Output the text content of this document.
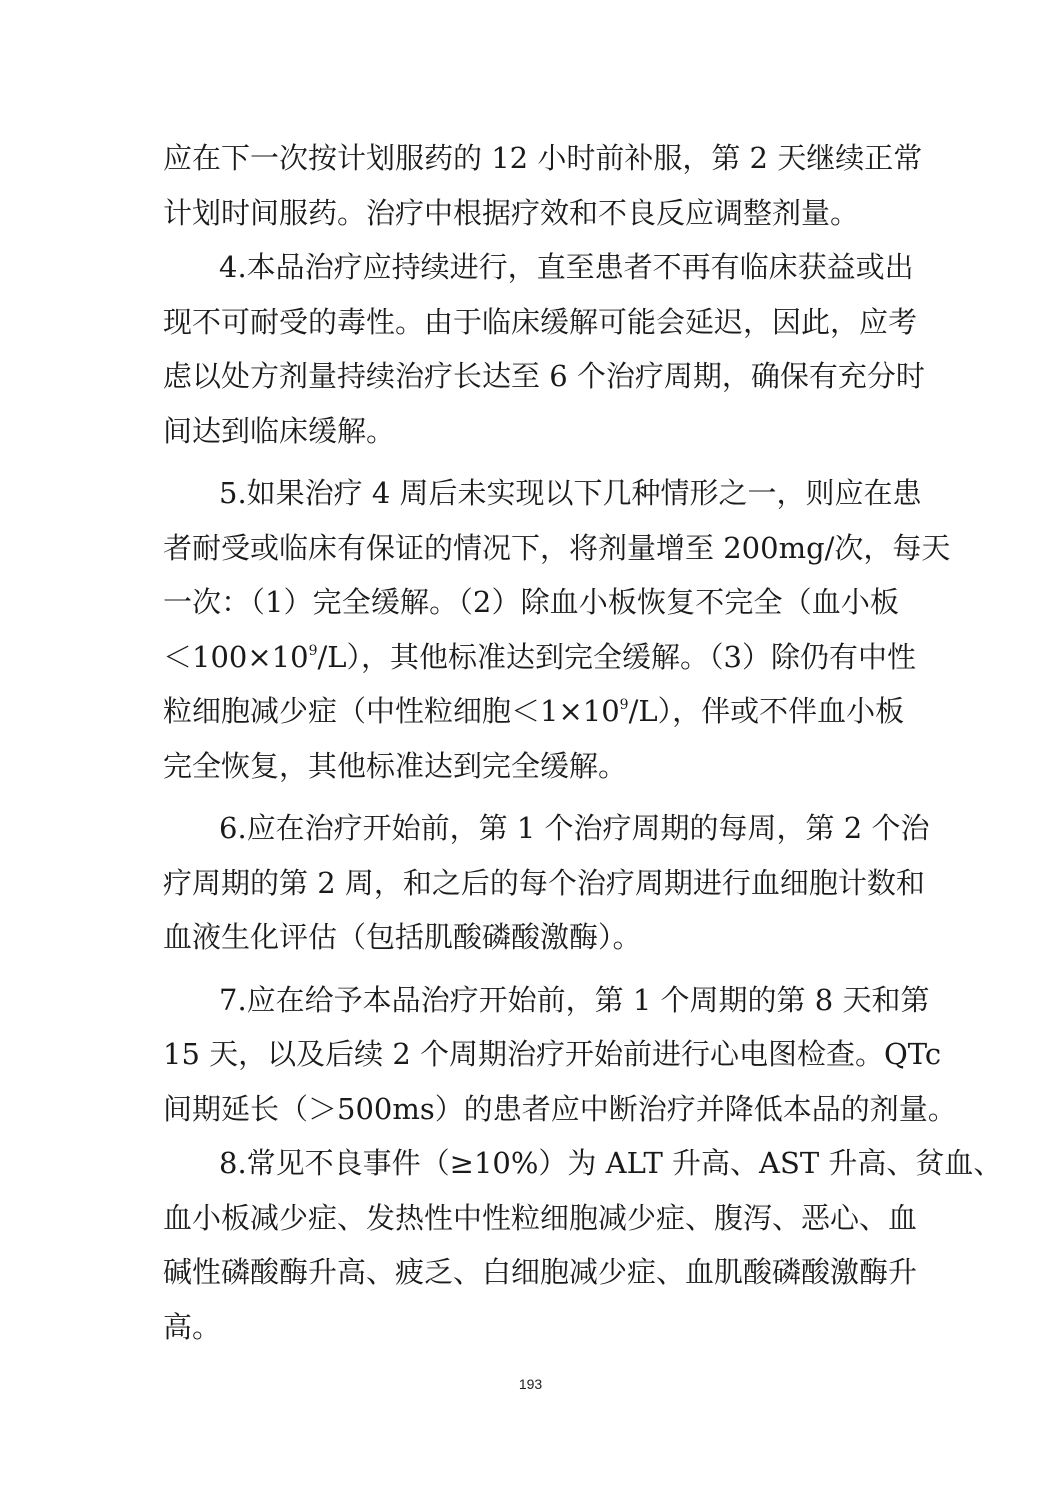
应在下一次按计划服药的 12 小时前补服，第 2 天继续正常
计划时间服药。治疗中根据疗效和不良反应调整剂量。
4.本品治疗应持续进行，直至患者不再有临床获益或出
现不可耐受的毒性。由于临床缓解可能会延迟，因此，应考
虑以处方剂量持续治疗长达至 6 个治疗周期，确保有充分时
间达到临床缓解。
5.如果治疗 4 周后未实现以下几种情形之一，则应在患
者耐受或临床有保证的情况下，将剂量增至 200mg/次，每天
一次：（1）完全缓解。（2）除血小板恢复不完全（血小板
$<100\times 10^9/L$），其他标准达到完全缓解。（3）除仍有中性
粒细胞减少症（中性粒细胞$<1\times 10^9/L$），伴或不伴血小板
完全恢复，其他标准达到完全缓解。
6.应在治疗开始前，第 1 个治疗周期的每周，第 2 个治
疗周期的第 2 周，和之后的每个治疗周期进行血细胞计数和
血液生化评估（包括肌酸磷酸激酶）。
7.应在给予本品治疗开始前，第 1 个周期的第 8 天和第
15 天，以及后续 2 个周期治疗开始前进行心电图检查。QTc
间期延长（＞500ms）的患者应中断治疗并降低本品的剂量。
8.常见不良事件（≥10%）为 ALT 升高、AST 升高、贫血、
血小板减少症、发热性中性粒细胞减少症、腹泻、恶心、血
碱性磷酸酶升高、疲乏、白细胞减少症、血肌酸磷酸激酶升
高。
193
